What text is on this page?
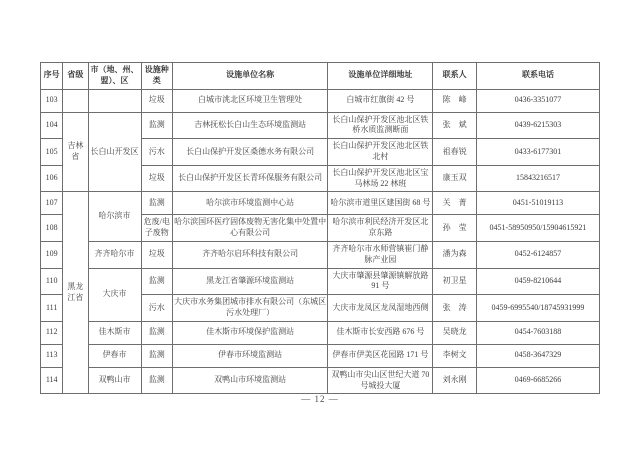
序号	省级	市（地、州、盟）、区	设施种类	设施单位名称	设施单位详细地址	联系人	联系电话
103			垃圾	白城市洮北区环境卫生管理处	白城市红旗街 42 号	陈　峰	0436-3351077
104	吉林省	长白山开发区	监测	吉林抚松长白山生态环境监测站	长白山保护开发区池北区铁桥水质监测断面	张　斌	0439-6215303
105			污水	长白山保护开发区桑德水务有限公司	长白山保护开发区池北区铁北村	祖春锐	0433-6177301
106			垃圾	长白山保护开发区长青环保服务有限公司	长白山保护开发区池北区宝马林场 22 林班	康玉双	15843216517
107	黑龙江省	哈尔滨市	监测	哈尔滨市环境监测中心站	哈尔滨市道里区建国街 68 号	关　菁	0451-51019113
108			危废/电子废物	哈尔滨国环医疗固体废物无害化集中处置中心有限公司	哈尔滨市利民经济开发区北京东路	孙　莹	0451-58950950/15904615921
109		齐齐哈尔市	垃圾	齐齐哈尔启环科技有限公司	齐齐哈尔市水师营镇崔门静脉产业园	潘为森	0452-6124857
110		大庆市	监测	黑龙江省肇源环境监测站	大庆市肇源县肇源镇解放路 91 号	初卫星	0459-8210644
111			污水	大庆市水务集团城市排水有限公司（东城区污水处理厂）	大庆市龙凤区龙凤湿地西侧	张　涛	0459-6995540/18745931999
112		佳木斯市	监测	佳木斯市环境保护监测站	佳木斯市长安西路 676 号	吴晓龙	0454-7603188
113		伊春市	监测	伊春市环境监测站	伊春市伊美区花园路 171 号	李树文	0458-3647329
114		双鸭山市	监测	双鸭山市环境监测站	双鸭山市尖山区世纪大道 70 号城投大厦	刘永刚	0469-6685266
— 12 —
